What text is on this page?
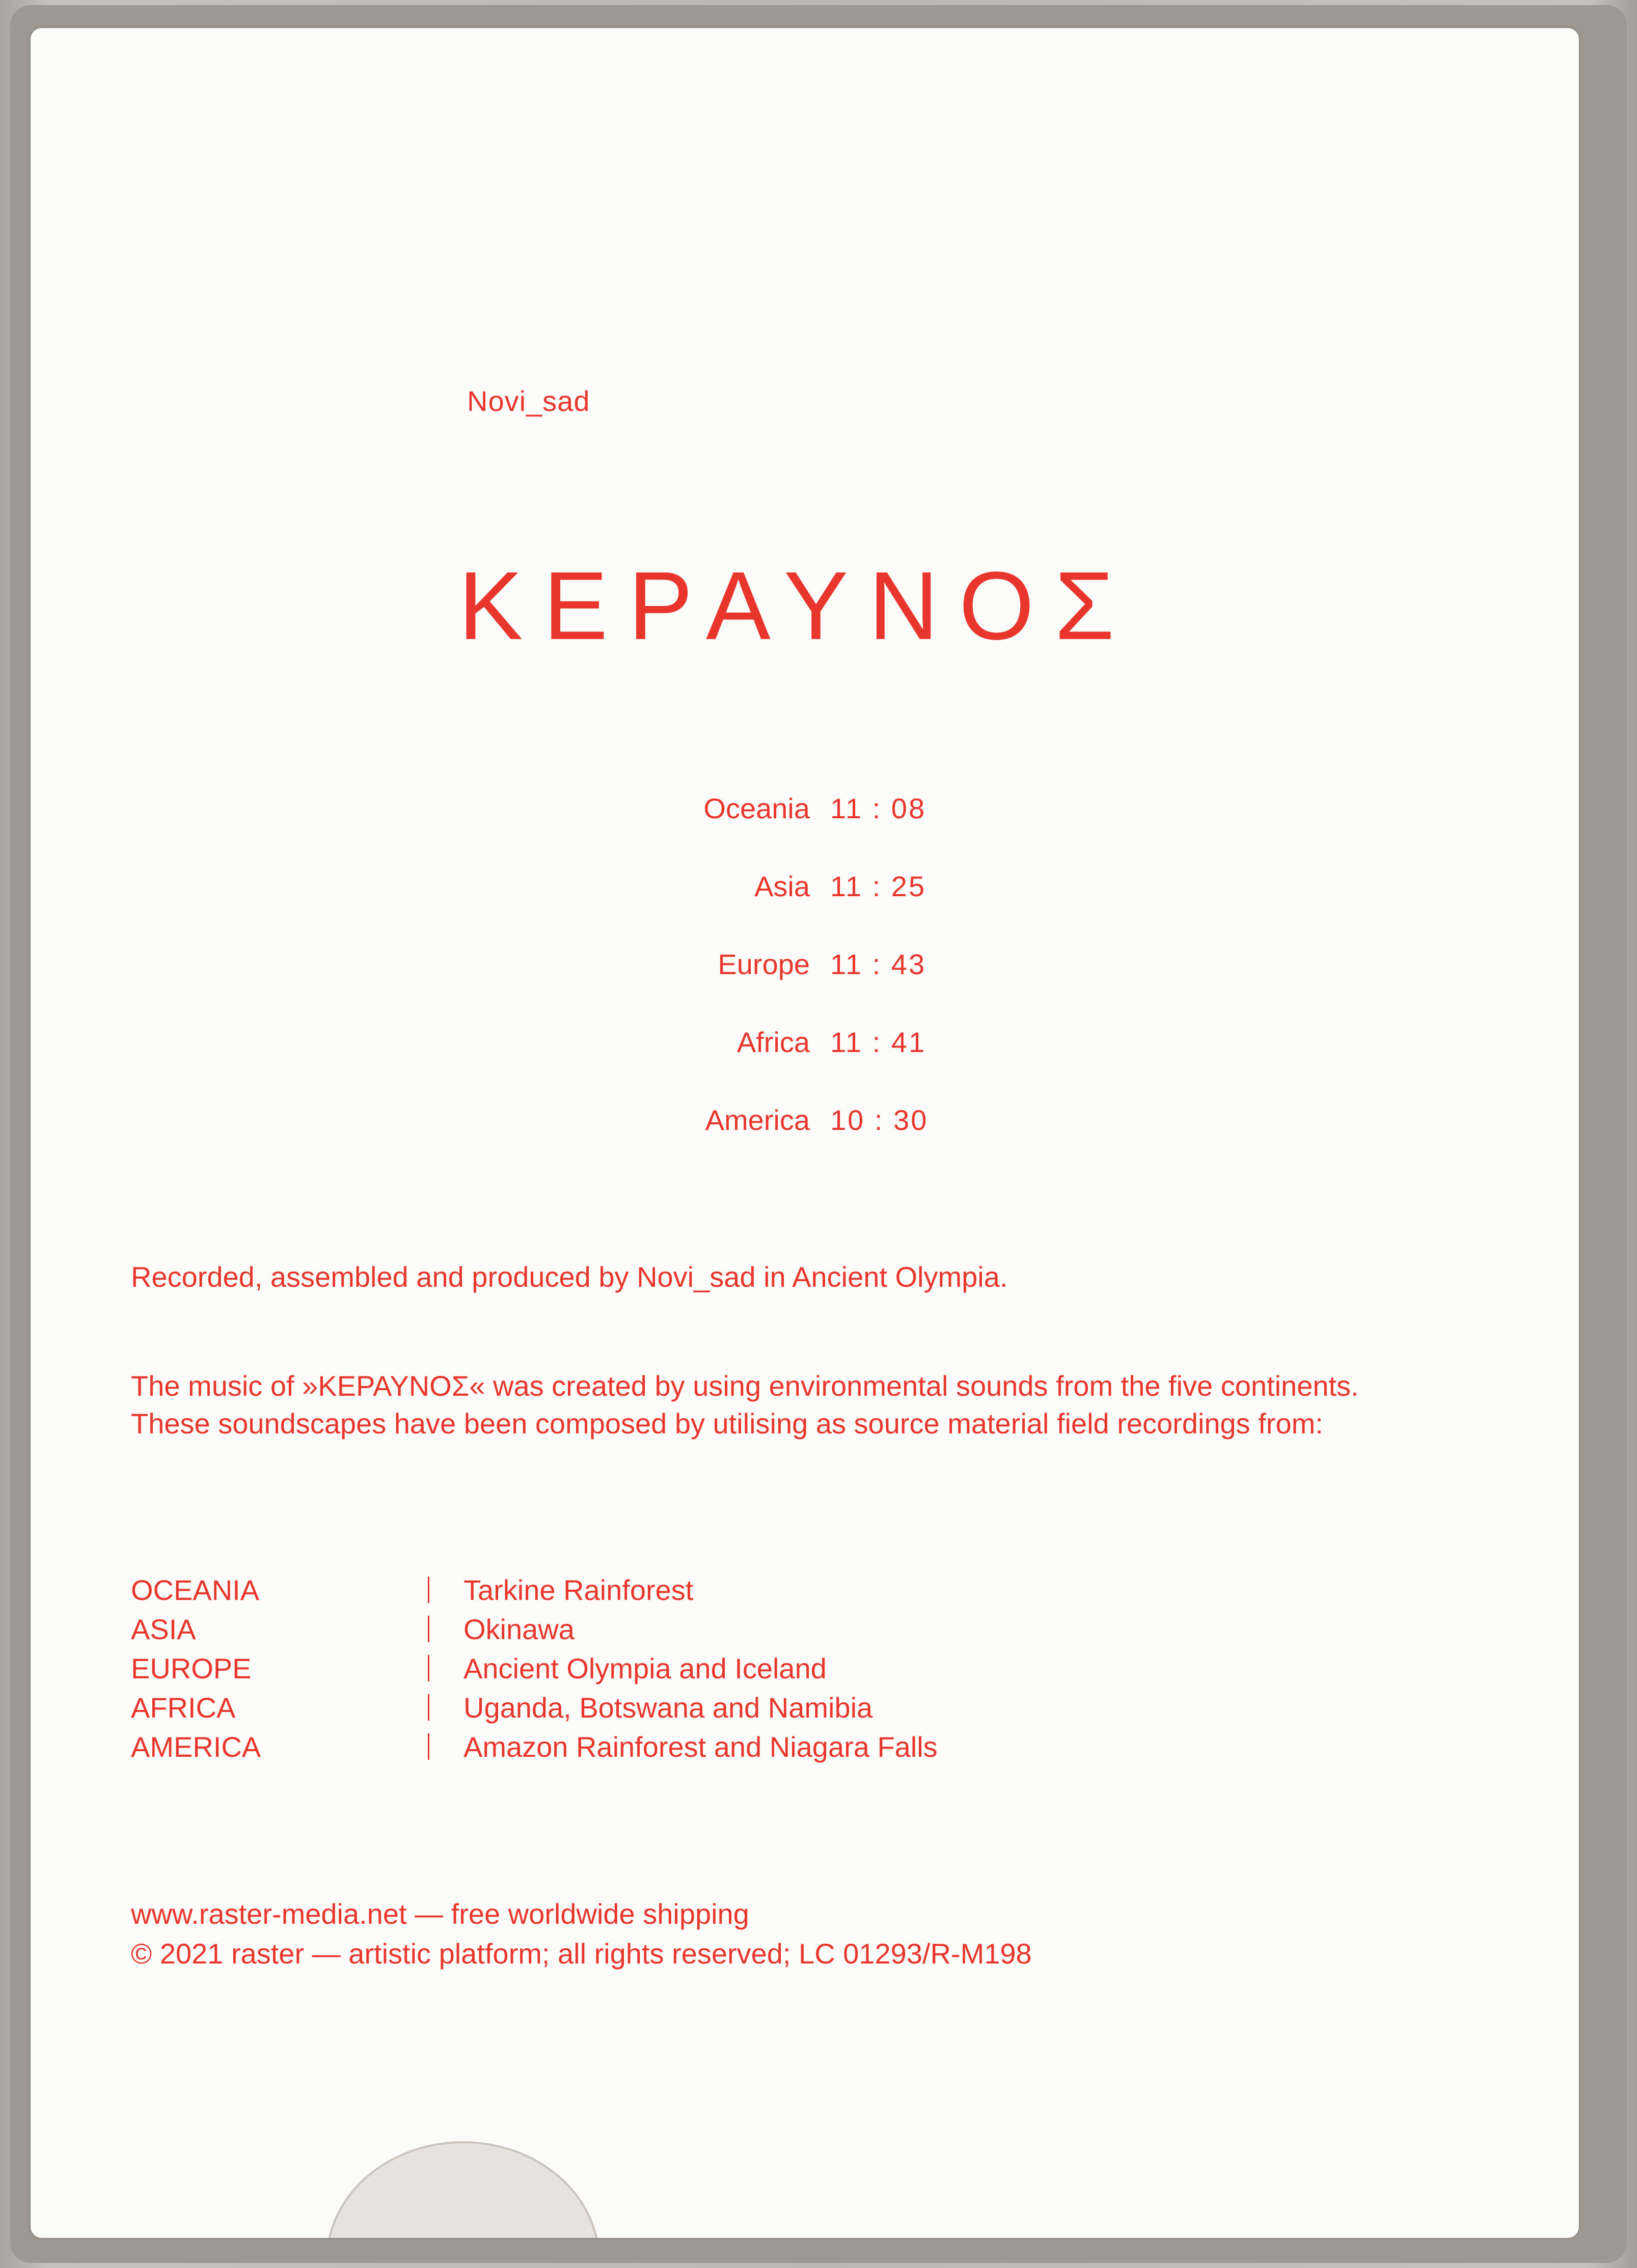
Novi_sad
ΚΕΡΑΥΝΟΣ
Oceania 11 : 08
Asia 11 : 25
Europe 11 : 43
Africa 11 : 41
America 10 : 30
Recorded, assembled and produced by Novi_sad in Ancient Olympia.
The music of »ΚΕΡΑΥΝΟΣ« was created by using environmental sounds from the five continents. These soundscapes have been composed by utilising as source material field recordings from:
OCEANIA	Tarkine Rainforest
ASIA	Okinawa
EUROPE	Ancient Olympia and Iceland
AFRICA	Uganda, Botswana and Namibia
AMERICA	Amazon Rainforest and Niagara Falls
www.raster-media.net — free worldwide shipping
© 2021 raster — artistic platform; all rights reserved; LC 01293/R-M198
